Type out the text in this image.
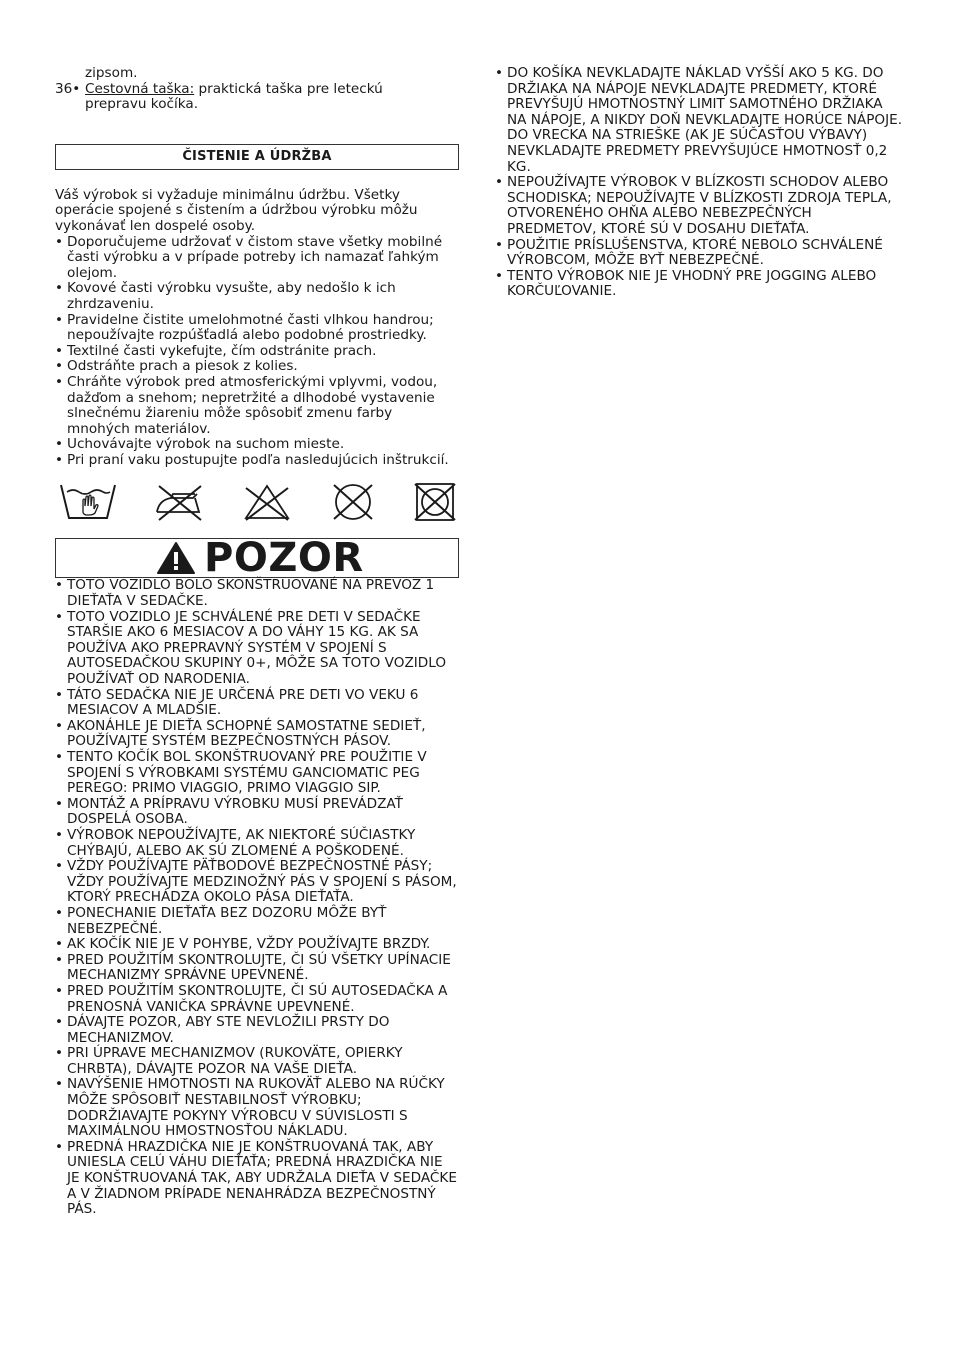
zipsom.

36• Cestovná taška: praktická taška pre leteckú
prepravu kočíka.
ČISTENIE A ÚDRŽBA

Váš výrobok si vyžaduje minimálnu údržbu. Všetky operácie spojené s čistením a údržbou výrobku môžu vykonávať len dospelé osoby.

• Doporučujeme udržovať v čistom stave všetky mobilné časti výrobku a v prípade potreby ich namazať ľahkým olejom.
• Kovové časti výrobku vysušte, aby nedošlo k ich zhrdzaveniu.
• Pravidelne čistite umelohmotné časti vlhkou handrou; nepoužívajte rozpúšťadlá alebo podobné prostriedky.
• Textilné časti vykefujte, čím odstránite prach.
• Odstráňte prach a piesok z kolies.
• Chráňte výrobok pred atmosferickými vplyvmi, vodou, dažďom a snehom; nepretržité a dlhodobé vystavenie slnečnému žiareniu môže spôsobiť zmenu farby mnohých materiálov.
• Uchovávajte výrobok na suchom mieste.
• Pri praní vaku postupujte podľa nasledujúcich inštrukcií.
POZOR
• TOTO VOZIDLO BOLO SKONŠTRUOVANÉ NA PREVOZ 1 DIEŤAŤA V SEDAČKE.
• TOTO VOZIDLO JE SCHVÁLENÉ PRE DETI V SEDAČKE STARŠIE AKO 6 MESIACOV A DO VÁHY 15 KG. AK SA POUŽÍVA AKO PREPRAVNÝ SYSTÉM V SPOJENÍ S AUTOSEDAČKOU SKUPINY 0+, MÔŽE SA TOTO VOZIDLO POUŽÍVAŤ OD NARODENIA.
• TÁTO SEDAČKA NIE JE URČENÁ PRE DETI VO VEKU 6 MESIACOV A MLADŠIE.
• AKONÁHLE JE DIEŤA SCHOPNÉ SAMOSTATNE SEDIEŤ, POUŽÍVAJTE SYSTÉM BEZPEČNOSTNÝCH PÁSOV.
• TENTO KOČÍK BOL SKONŠTRUOVANÝ PRE POUŽITIE V SPOJENÍ S VÝROBKAMI SYSTÉMU GANCIOMATIC PEG PEREGO: PRIMO VIAGGIO, PRIMO VIAGGIO SIP.
• MONTÁŽ A PRÍPRAVU VÝROBKU MUSÍ PREVÁDZAŤ DOSPELÁ OSOBA.
• VÝROBOK NEPOUŽÍVAJTE, AK NIEKTORÉ SÚČIASTKY CHÝBAJÚ, ALEBO AK SÚ ZLOMENÉ A POŠKODENÉ.
• VŽDY POUŽÍVAJTE PÄŤBODOVÉ BEZPEČNOSTNÉ PÁSY; VŽDY POUŽÍVAJTE MEDZINOŽNÝ PÁS V SPOJENÍ S PÁSOM, KTORÝ PRECHÁDZA OKOLO PÁSA DIEŤAŤA.
• PONECHANIE DIEŤAŤA BEZ DOZORU MÔŽE BYŤ NEBEZPEČNÉ.
• AK KOČÍK NIE JE V POHYBE, VŽDY POUŽÍVAJTE BRZDY.
• PRED POUŽITÍM SKONTROLUJTE, ČI SÚ VŠETKY UPÍNACIE MECHANIZMY SPRÁVNE UPEVNENÉ.
• PRED POUŽITÍM SKONTROLUJTE, ČI SÚ AUTOSEDAČKA A PRENOSNÁ VANIČKA SPRÁVNE UPEVNENÉ.
• DÁVAJTE POZOR, ABY STE NEVLOŽILI PRSTY DO MECHANIZMOV.
• PRI ÚPRAVE MECHANIZMOV (RUKOVÄTE, OPIERKY CHRBTA), DÁVAJTE POZOR NA VAŠE DIEŤA.
• NAVÝŠENIE HMOTNOSTI NA RUKOVÄŤ ALEBO NA RÚČKY MÔŽE SPÔSOBIŤ NESTABILNOSŤ VÝROBKU; DODRŽIAVAJTE POKYNY VÝROBCU V SÚVISLOSTI S MAXIMÁLNOU HMOSTNOSŤOU NÁKLADU.
• PREDNÁ HRAZDIČKA NIE JE KONŠTRUOVANÁ TAK, ABY UNIESLA CELÚ VÁHU DIEŤAŤA; PREDNÁ HRAZDIČKA NIE JE KONŠTRUOVANÁ TAK, ABY UDRŽALA DIEŤA V SEDAČKE A V ŽIADNOM PRÍPADE NENAHRÁDZA BEZPEČNOSTNÝ PÁS.
• DO KOŠÍKA NEVKLADAJTE NÁKLAD VYŠŠÍ AKO 5 KG. DO DRŽIAKA NA NÁPOJE NEVKLADAJTE PREDMETY, KTORÉ PREVYŠUJÚ HMOTNOSTNÝ LIMIT SAMOTNÉHO DRŽIAKA NA NÁPOJE, A NIKDY DOŇ NEVKLADAJTE HORÚCE NÁPOJE. DO VRECKA NA STRIEŠKE (AK JE SÚČASŤOU VÝBAVY) NEVKLADAJTE PREDMETY PREVYŠUJÚCE HMOTNOSŤ 0,2 KG.
• NEPOUŽÍVAJTE VÝROBOK V BLÍZKOSTI SCHODOV ALEBO SCHODISKA; NEPOUŽÍVAJTE V BLÍZKOSTI ZDROJA TEPLA, OTVORENÉHO OHŇA ALEBO NEBEZPEČNÝCH PREDMETOV, KTORÉ SÚ V DOSAHU DIEŤAŤA.
• POUŽITIE PRÍSLUŠENSTVA, KTORÉ NEBOLO SCHVÁLENÉ VÝROBCOM, MÔŽE BYŤ NEBEZPEČNÉ.
• TENTO VÝROBOK NIE JE VHODNÝ PRE JOGGING ALEBO KORČUĽOVANIE.
